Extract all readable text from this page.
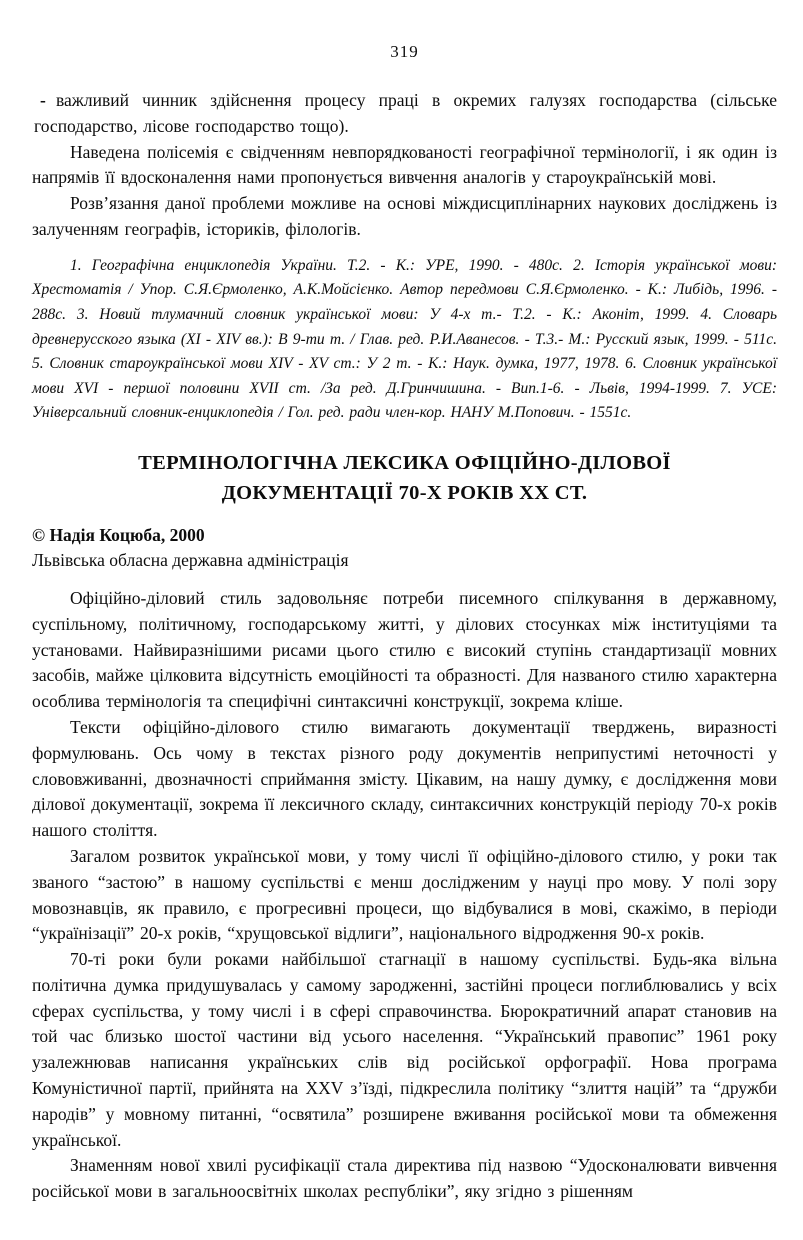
319

- важливий чинник здійснення процесу праці в окремих галузях господарства (сільське господарство, лісове господарство тощо).

Наведена полісемія є свідченням невпорядкованості географічної термінології, і як один із напрямів її вдосконалення нами пропонується вивчення аналогів у староукраїнській мові.

Розв’язання даної проблеми можливе на основі міждисциплінарних наукових досліджень із залученням географів, істориків, філологів.

1. Географічна енциклопедія України. Т.2. - К.: УРЕ, 1990. - 480с. 2. Історія української мови: Хрестоматія / Упор. С.Я.Єрмоленко, А.К.Мойсієнко. Автор передмови С.Я.Єрмоленко. - К.: Либідь, 1996. - 288с. 3. Новий тлумачний словник української мови: У 4-х т.- Т.2. - К.: Аконіт, 1999. 4. Словарь древнерусского языка (XI - XIV вв.): В 9-ти т. / Глав. ред. Р.И.Аванесов. - Т.3.- М.: Русский язык, 1999. - 511с. 5. Словник староукраїнської мови XIV - XV ст.: У 2 т. - К.: Наук. думка, 1977, 1978. 6. Словник української мови XVI - першої половини XVII ст. /За ред. Д.Гринчишина. - Вип.1-6. - Львів, 1994-1999. 7. УСЕ: Універсальний словник-енциклопедія / Гол. ред. ради член-кор. НАНУ М.Попович. - 1551с.
ТЕРМІНОЛОГІЧНА ЛЕКСИКА ОФІЦІЙНО-ДІЛОВОЇ
ДОКУМЕНТАЦІЇ 70-Х РОКІВ ХХ СТ.

© Надія Коцюба, 2000

Львівська обласна державна адміністрація

Офіційно-діловий стиль задовольняє потреби писемного спілкування в державному, суспільному, політичному, господарському житті, у ділових стосунках між інституціями та установами. Найвиразнішими рисами цього стилю є високий ступінь стандартизації мовних засобів, майже цілковита відсутність емоційності та образності. Для названого стилю характерна особлива термінологія та специфічні синтаксичні конструкції, зокрема кліше.

Тексти офіційно-ділового стилю вимагають документації тверджень, виразності формулювань. Ось чому в текстах різного роду документів неприпустимі неточності у слововживанні, двозначності сприймання змісту. Цікавим, на нашу думку, є дослідження мови ділової документації, зокрема її лексичного складу, синтаксичних конструкцій періоду 70-х років нашого століття.

Загалом розвиток української мови, у тому числі її офіційно-ділового стилю, у роки так званого “застою” в нашому суспільстві є менш дослідженим у науці про мову. У полі зору мовознавців, як правило, є прогресивні процеси, що відбувалися в мові, скажімо, в періоди “українізації” 20-х років, “хрущовської відлиги”, національного відродження 90-х років.

70-ті роки були роками найбільшої стагнації в нашому суспільстві. Будь-яка вільна політична думка придушувалась у самому зародженні, застійні процеси поглиблювались у всіх сферах суспільства, у тому числі і в сфері справочинства. Бюрократичний апарат становив на той час близько шостої частини від усього населення. “Український правопис” 1961 року узалежнював написання українських слів від російської орфографії. Нова програма Комуністичної партії, прийнята на XXV з’їзді, підкреслила політику “злиття націй” та “дружби народів” у мовному питанні, “освятила” розширене вживання російської мови та обмеження української.

Знаменням нової хвилі русифікації стала директива під назвою “Удосконалювати вивчення російської мови в загальноосвітніх школах республіки”, яку згідно з рішенням
